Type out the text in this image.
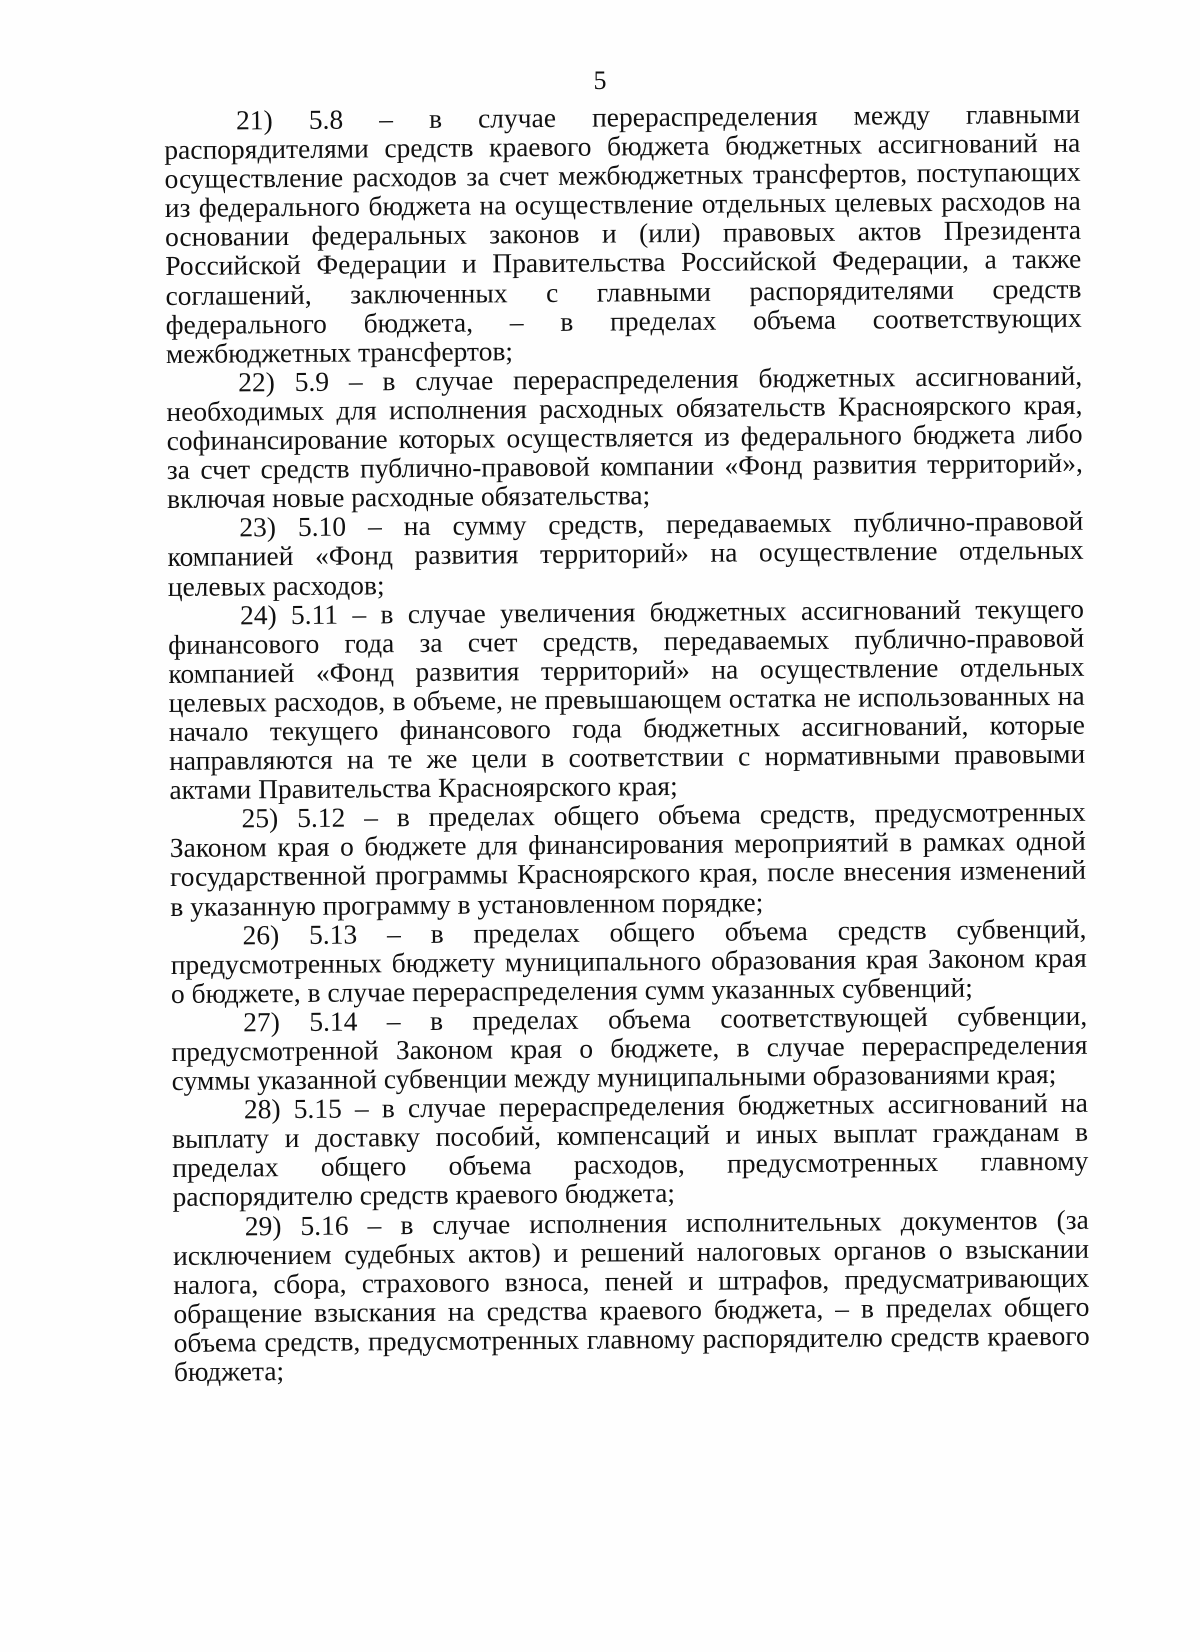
5

21) 5.8 – в случае перераспределения между главными распорядителями средств краевого бюджета бюджетных ассигнований на осуществление расходов за счет межбюджетных трансфертов, поступающих из федерального бюджета на осуществление отдельных целевых расходов на основании федеральных законов и (или) правовых актов Президента Российской Федерации и Правительства Российской Федерации, а также соглашений, заключенных с главными распорядителями средств федерального бюджета, – в пределах объема соответствующих межбюджетных трансфертов;

22) 5.9 – в случае перераспределения бюджетных ассигнований, необходимых для исполнения расходных обязательств Красноярского края, софинансирование которых осуществляется из федерального бюджета либо за счет средств публично-правовой компании «Фонд развития территорий», включая новые расходные обязательства;

23) 5.10 – на сумму средств, передаваемых публично-правовой компанией «Фонд развития территорий» на осуществление отдельных целевых расходов;

24) 5.11 – в случае увеличения бюджетных ассигнований текущего финансового года за счет средств, передаваемых публично-правовой компанией «Фонд развития территорий» на осуществление отдельных целевых расходов, в объеме, не превышающем остатка не использованных на начало текущего финансового года бюджетных ассигнований, которые направляются на те же цели в соответствии с нормативными правовыми актами Правительства Красноярского края;

25) 5.12 – в пределах общего объема средств, предусмотренных Законом края о бюджете для финансирования мероприятий в рамках одной государственной программы Красноярского края, после внесения изменений в указанную программу в установленном порядке;

26) 5.13 – в пределах общего объема средств субвенций, предусмотренных бюджету муниципального образования края Законом края о бюджете, в случае перераспределения сумм указанных субвенций;

27) 5.14 – в пределах объема соответствующей субвенции, предусмотренной Законом края о бюджете, в случае перераспределения суммы указанной субвенции между муниципальными образованиями края;

28) 5.15 – в случае перераспределения бюджетных ассигнований на выплату и доставку пособий, компенсаций и иных выплат гражданам в пределах общего объема расходов, предусмотренных главному распорядителю средств краевого бюджета;

29) 5.16 – в случае исполнения исполнительных документов (за исключением судебных актов) и решений налоговых органов о взыскании налога, сбора, страхового взноса, пеней и штрафов, предусматривающих обращение взыскания на средства краевого бюджета, – в пределах общего объема средств, предусмотренных главному распорядителю средств краевого бюджета;
